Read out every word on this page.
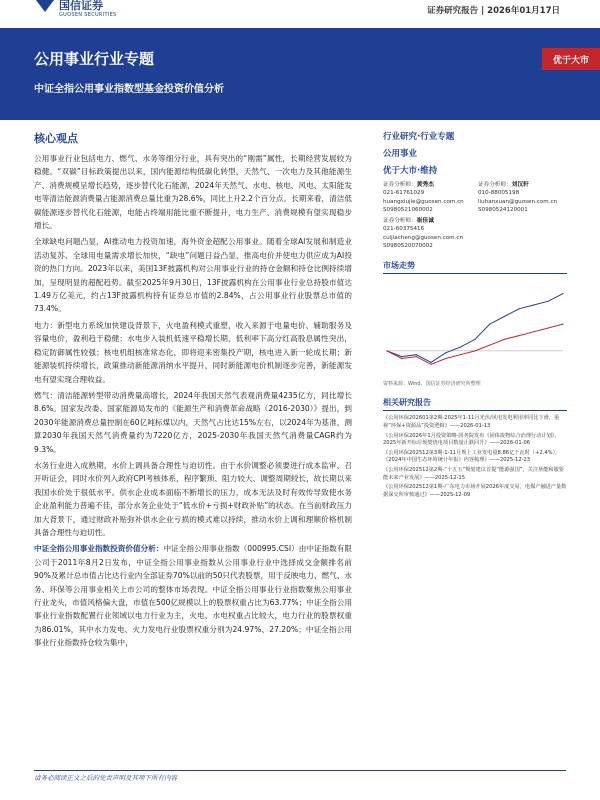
国信证券
GUOSEN SECURITIES	证券研究报告 | 2026年01月17日
公用事业行业专题
中证全指公用事业指数型基金投资价值分析
优于大市
核心观点

公用事业行业包括电力、燃气、水务等细分行业，具有突出的“刚需”属性，长期经营发展较为稳健。“双碳”目标政策提出以来，国内能源结构低碳化转型，天然气、一次电力及其他能源生产、消费规模呈增长趋势，逐步替代化石能源，2024年天然气、水电、核电、风电、太阳能发电等清洁能源消费量占能源消费总量比重为28.6%，同比上升2.2个百分点。长期来看，清洁低碳能源逐步替代化石能源，电能占终端用能比重不断提升，电力生产、消费规模有望实现稳步增长。

全球缺电问题凸显，AI推动电力投资加速，海外资金超配公用事业。随着全球AI发展和制造业活动复苏、全球用电量需求增长加快，“缺电”问题日益凸显，推高电价并使电力供应成为AI投资的热门方向。2023年以来，美国13F披露机构对公用事业行业的持仓金额和持仓比例持续增加，呈现明显的超配趋势。截至2025年9月30日，13F披露机构在公用事业行业总持股市值达1.49万亿美元，约占13F披露机构持有证券总市值的2.84%，占公用事业行业股票总市值的73.4%。

电力：新型电力系统加快建设背景下，火电盈利模式重塑，收入来源于电量电价、辅助服务及容量电价，盈利趋于稳健；水电步入装机低速平稳增长期，低利率下高分红高股息属性突出，稳定防御属性较强；核电机组核准常态化，即将迎来密集投产期，核电进入新一轮成长期；新能源装机持续增长，政策推动新能源消纳水平提升，同时新能源电价机制逐步完善，新能源发电有望实现合理收益。

燃气：清洁能源转型带动消费量高增长，2024年我国天然气表观消费量4235亿方，同比增长8.6%。国家发改委、国家能源局发布的《能源生产和消费革命战略（2016-2030）》提出，到2030年能源消费总量控制在60亿吨标煤以内，天然气占比达15%左右，以2024年为基准，测算2030年我国天然气消费量约为7220亿方，2025-2030年我国天然气消费量CAGR约为9.3%。

水务行业进入成熟期，水价上调具备合理性与迫切性。由于水价调整必须要进行成本监审、召开听证会，同时水价列入政府CPI考核体系，程序繁琐、阻力较大、调整周期较长，故长期以来我国水价处于很低水平。供水企业成本面临不断增长的压力，成本无法及时有效传导致使水务企业盈利能力普遍不佳，部分水务企业处于“低水价+亏损+财政补贴”的状态。在当前财政压力加大背景下，通过财政补贴弥补供水企业亏损的模式难以持续，推动水价上调和理顺价格机制具备合理性与迫切性。

中证全指公用事业指数投资价值分析：中证全指公用事业指数（000995.CSI）由中证指数有限公司于2011年8月2日发布，中证全指公用事业指数从公用事业行业中选择成交金额排名前90%及累计总市值占比达行业内全部证券70%以前的50只代表股票，用于反映电力、燃气、水务、环保等公用事业相关上市公司的整体市场表现。中证全指公用事业行业指数聚焦公用事业行业龙头，市值风格偏大盘，市值在500亿规模以上的股票权重占比为63.77%；中证全指公用事业行业指数配置行业领域以电力行业为主，火电、水电权重占比较大，电力行业的股票权重为86.01%，其中水力发电、火力发电行业股票权重分别为24.97%、27.20%；中证全指公用事业行业指数持仓较为集中，

行业研究·行业专题
公用事业
优于大市·维持
证券分析师：黄秀杰
021-61761029
huangxiujie@guosen.com.cn
S0980521060002
证券分析师：刘汉轩
010-88005198
liuhanxuan@guosen.com.cn
S0980524120001
证券分析师：崔佳诚
021-60375416
cuijiacheng@guosen.com.cn
S0980520070002
市场走势
资料来源：Wind、国信证券经济研究所整理
相关研究报告
《公用环保202601第2期-2025年1-11月光伏/风电发电利用率同比下滑，重视“环保+资源品”投资逻辑》——2026-01-13
《公用环保2026年1月投资策略-国务院发布《固体废物综合治理行动计划》，2025年新开标垃圾焚烧电项目数量止跌回升》——2026-01-06
《公用环保202512第3期-1-11月规上工业发电量8.86亿千瓦时（+2.4%），《2024年中国生态环境统计年报》内容梳理》——2025-12-23
《公用环保202512第2期-“十五五”规划建议首提“能源强国”，关注垦能和服要能未来产业发展》——2025-12-15
《公用环保202512第1期-广东电力市场开展2026年度交易，电煤产融进产量数据深交所审核通过》——2025-12-09
请务必阅读正文之后的免责声明及其项下所有内容
